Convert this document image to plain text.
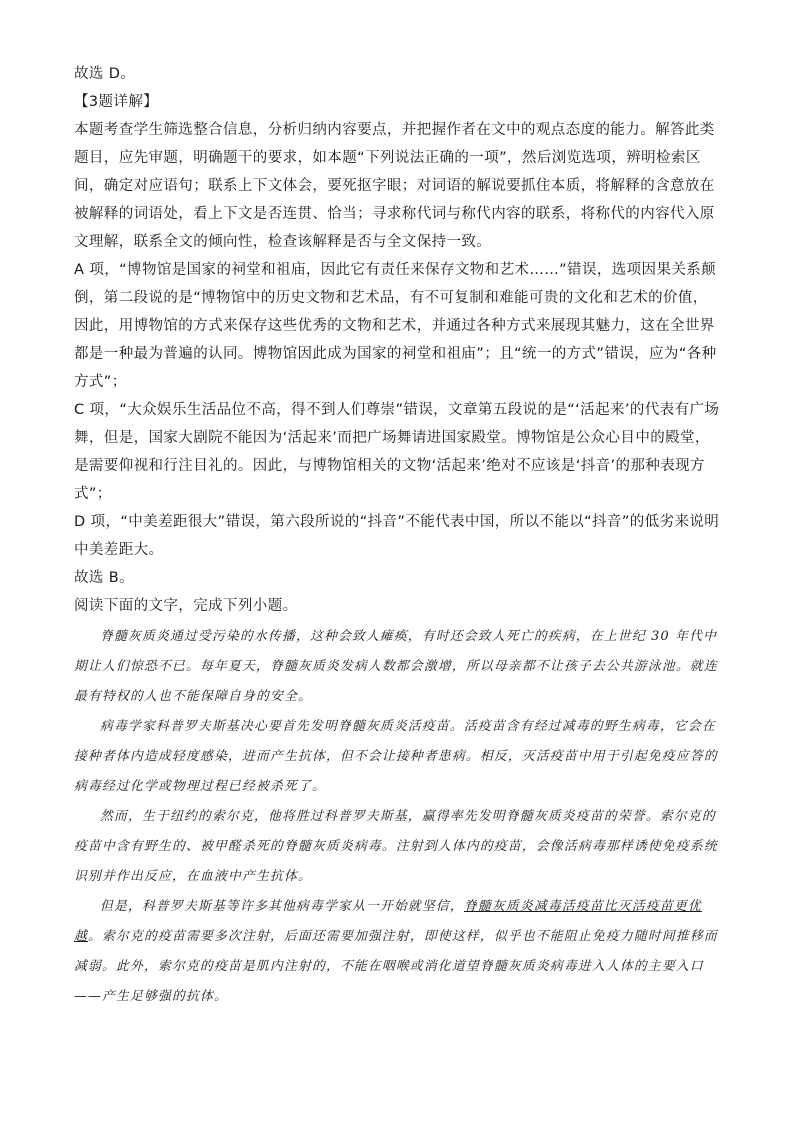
故选 D。

【3题详解】

本题考查学生筛选整合信息，分析归纳内容要点，并把握作者在文中的观点态度的能力。解答此类题目，应先审题，明确题干的要求，如本题“下列说法正确的一项”，然后浏览选项，辨明检索区间，确定对应语句；联系上下文体会，要死抠字眼；对词语的解说要抓住本质，将解释的含意放在被解释的词语处，看上下文是否连贯、恰当；寻求称代词与称代内容的联系，将称代的内容代入原文理解，联系全文的倾向性，检查该解释是否与全文保持一致。

A 项，“博物馆是国家的祠堂和祖庙，因此它有责任来保存文物和艺术……”错误，选项因果关系颠倒，第二段说的是“博物馆中的历史文物和艺术品，有不可复制和难能可贵的文化和艺术的价值，因此，用博物馆的方式来保存这些优秀的文物和艺术，并通过各种方式来展现其魅力，这在全世界都是一种最为普遍的认同。博物馆因此成为国家的祠堂和祖庙”；且“统一的方式”错误，应为“各种方式”；

C 项，“大众娱乐生活品位不高，得不到人们尊崇”错误，文章第五段说的是“‘活起来’的代表有广场舞，但是，国家大剧院不能因为‘活起来’而把广场舞请进国家殿堂。博物馆是公众心目中的殿堂，是需要仰视和行注目礼的。因此，与博物馆相关的文物‘活起来’绝对不应该是‘抖音’的那种表现方式”；

D 项，“中美差距很大”错误，第六段所说的“抖音”不能代表中国，所以不能以“抖音”的低劣来说明中美差距大。

故选 B。

阅读下面的文字，完成下列小题。

脊髓灰质炎通过受污染的水传播，这种会致人瘫痪，有时还会致人死亡的疾病，在上世纪 30 年代中期让人们惊恐不已。每年夏天，脊髓灰质炎发病人数都会激增，所以母亲都不让孩子去公共游泳池。就连最有特权的人也不能保障自身的安全。

病毒学家科普罗夫斯基决心要首先发明脊髓灰质炎活疫苗。活疫苗含有经过减毒的野生病毒，它会在接种者体内造成轻度感染，进而产生抗体，但不会让接种者患病。相反，灭活疫苗中用于引起免疫应答的病毒经过化学或物理过程已经被杀死了。

然而，生于纽约的索尔克，他将胜过科普罗夫斯基，赢得率先发明脊髓灰质炎疫苗的荣誉。索尔克的疫苗中含有野生的、被甲醛杀死的脊髓灰质炎病毒。注射到人体内的疫苗，会像活病毒那样诱使免疫系统识别并作出反应，在血液中产生抗体。

但是，科普罗夫斯基等许多其他病毒学家从一开始就坚信，脊髓灰质炎减毒活疫苗比灭活疫苗更优越。索尔克的疫苗需要多次注射，后面还需要加强注射，即使这样，似乎也不能阻止免疫力随时间推移而减弱。此外，索尔克的疫苗是肌内注射的，不能在咽喉或消化道望脊髓灰质炎病毒进入人体的主要入口——产生足够强的抗体。
